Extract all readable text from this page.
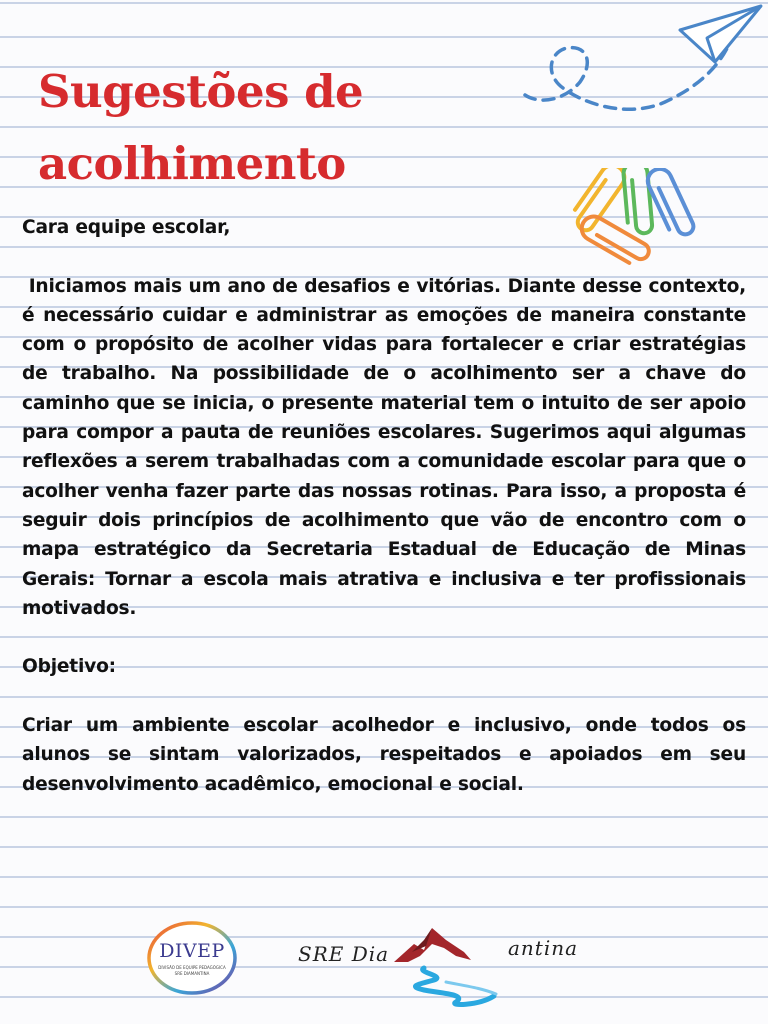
Sugestões de
acolhimento

Cara equipe escolar,

Iniciamos mais um ano de desafios e vitórias. Diante desse contexto, é necessário cuidar e administrar as emoções de maneira constante com o propósito de acolher vidas para fortalecer e criar estratégias de trabalho. Na possibilidade de o acolhimento ser a chave do caminho que se inicia, o presente material tem o intuito de ser apoio para compor a pauta de reuniões escolares. Sugerimos aqui algumas reflexões a serem trabalhadas com a comunidade escolar para que o acolher venha fazer parte das nossas rotinas. Para isso, a proposta é seguir dois princípios de acolhimento que vão de encontro com o mapa estratégico da Secretaria Estadual de Educação de Minas Gerais: Tornar a escola mais atrativa e inclusiva e ter profissionais motivados.

Objetivo:

Criar um ambiente escolar acolhedor e inclusivo, onde todos os alunos se sintam valorizados, respeitados e apoiados em seu desenvolvimento acadêmico, emocional e social.

DIVEP
DIVISÃO DE EQUIPE PEDAGÓGICA
SRE DIAMANTINA
SRE Dia	antina
